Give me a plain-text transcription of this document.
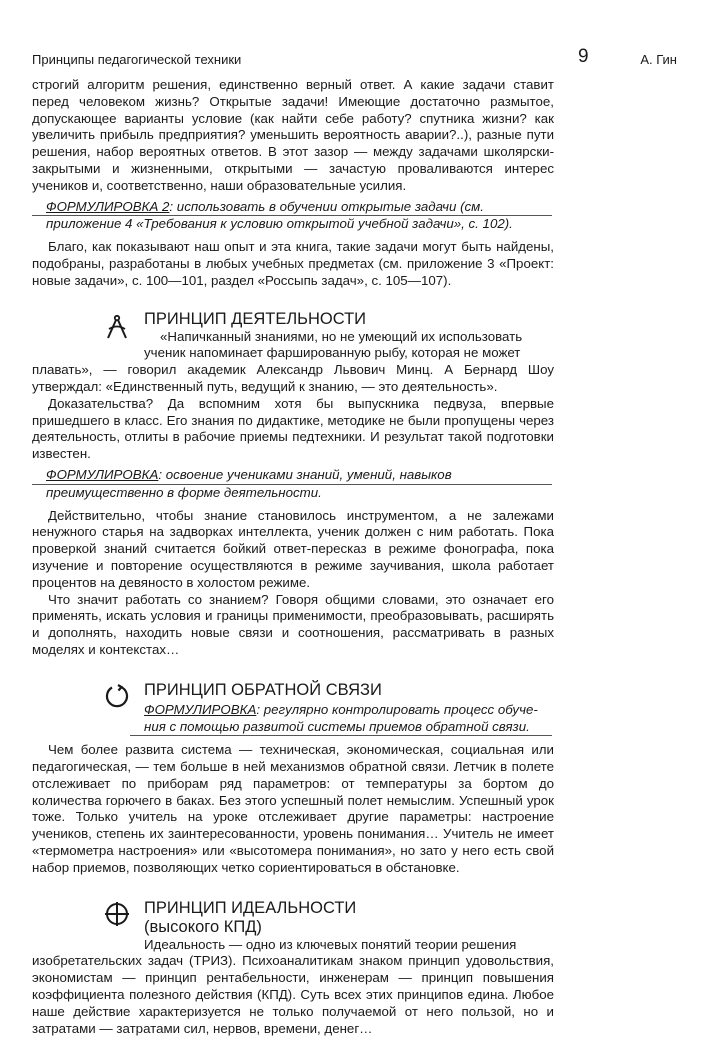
Принципы педагогической техники	9	А. Гин

строгий алгоритм решения, единственно верный ответ. А какие задачи ставит перед человеком жизнь? Открытые задачи! Имеющие достаточно размытое, допускающее варианты условие (как найти себе работу? спутника жизни? как увеличить прибыль предприятия? уменьшить вероятность аварии?..), разные пути решения, набор вероятных ответов. В этот зазор — между задачами школярски-закрытыми и жизненными, открытыми — зачастую проваливаются интерес учеников и, соответственно, наши образовательные усилия.

ФОРМУЛИРОВКА 2: использовать в обучении открытые задачи (см.
приложение 4 «Требования к условию открытой учебной задачи», с. 102).

Благо, как показывают наш опыт и эта книга, такие задачи могут быть найдены, подобраны, разработаны в любых учебных предметах (см. приложение 3 «Проект: новые задачи», с. 100—101, раздел «Россыпь задач», с. 105—107).

ПРИНЦИП ДЕЯТЕЛЬНОСТИ

«Напичканный знаниями, но не умеющий их использовать

ученик напоминает фаршированную рыбу, которая не может

плавать», — говорил академик Александр Львович Минц. А Бернард Шоу утверждал: «Единственный путь, ведущий к знанию, — это деятельность».

Доказательства? Да вспомним хотя бы выпускника педвуза, впервые пришедшего в класс. Его знания по дидактике, методике не были пропущены через деятельность, отлиты в рабочие приемы педтехники. И результат такой подготовки известен.

ФОРМУЛИРОВКА: освоение учениками знаний, умений, навыков
преимущественно в форме деятельности.

Действительно, чтобы знание становилось инструментом, а не залежами ненужного старья на задворках интеллекта, ученик должен с ним работать. Пока проверкой знаний считается бойкий ответ-пересказ в режиме фонографа, пока изучение и повторение осуществляются в режиме заучивания, школа работает процентов на девяносто в холостом режиме.

Что значит работать со знанием? Говоря общими словами, это означает его применять, искать условия и границы применимости, преобразовывать, расширять и дополнять, находить новые связи и соотношения, рассматривать в разных моделях и контекстах…

ПРИНЦИП ОБРАТНОЙ СВЯЗИ
ФОРМУЛИРОВКА: регулярно контролировать процесс обуче-
ния с помощью развитой системы приемов обратной связи.

Чем более развита система — техническая, экономическая, социальная или педагогическая, — тем больше в ней механизмов обратной связи. Летчик в полете отслеживает по приборам ряд параметров: от температуры за бортом до количества горючего в баках. Без этого успешный полет немыслим. Успешный урок тоже. Только учитель на уроке отслеживает другие параметры: настроение учеников, степень их заинтересованности, уровень понимания… Учитель не имеет «термометра настроения» или «высотомера понимания», но зато у него есть свой набор приемов, позволяющих четко сориентироваться в обстановке.

ПРИНЦИП ИДЕАЛЬНОСТИ
(высокого КПД)

Идеальность — одно из ключевых понятий теории решения

изобретательских задач (ТРИЗ). Психоаналитикам знаком принцип удовольствия, экономистам — принцип рентабельности, инженерам — принцип повышения коэффициента полезного действия (КПД). Суть всех этих принципов едина. Любое наше действие характеризуется не только получаемой от него пользой, но и затратами — затратами сил, нервов, времени, денег…
